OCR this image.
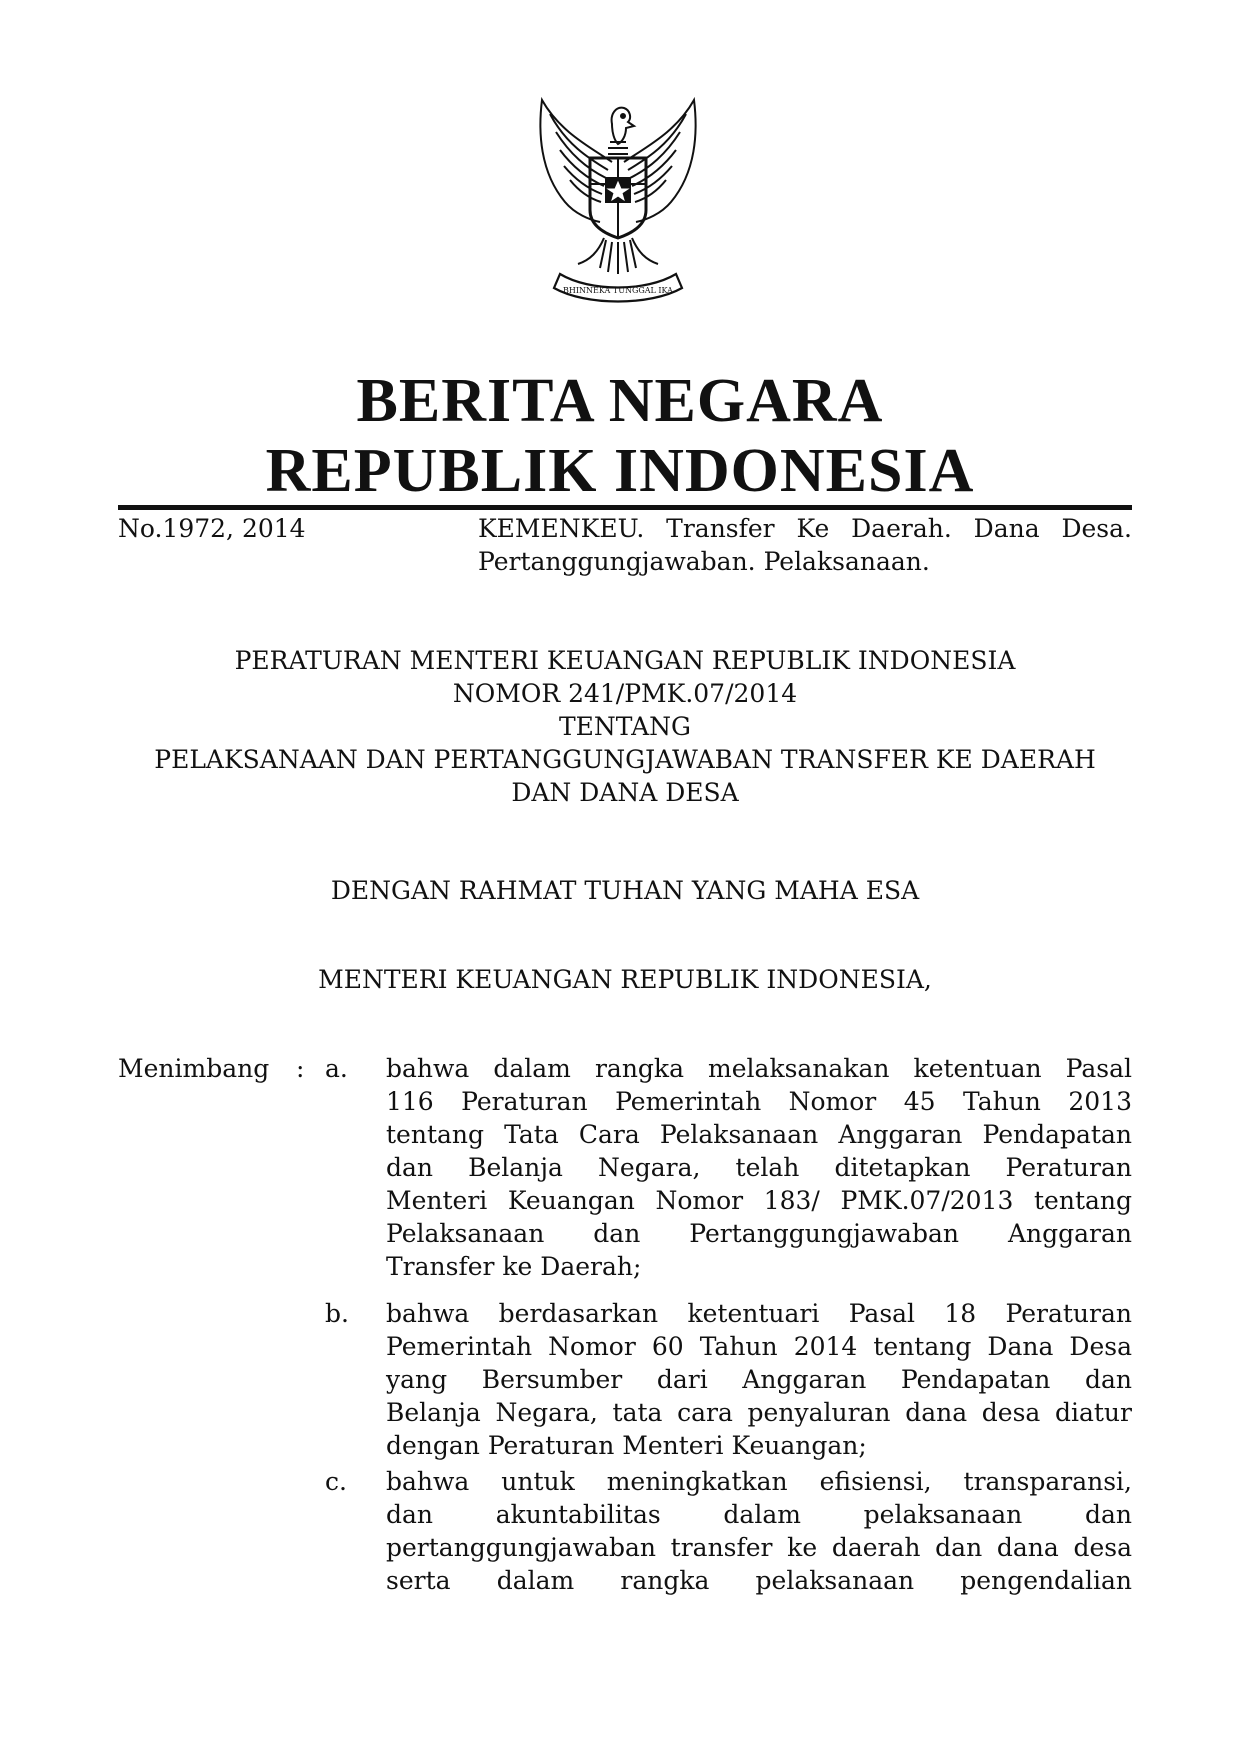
BHINNEKA TUNGGAL IKA
BERITA NEGARA
REPUBLIK INDONESIA
No.1972, 2014	KEMENKEU. Transfer Ke Daerah. Dana Desa.
Pertanggungjawaban. Pelaksanaan.
PERATURAN MENTERI KEUANGAN REPUBLIK INDONESIA
NOMOR 241/PMK.07/2014
TENTANG
PELAKSANAAN DAN PERTANGGUNGJAWABAN TRANSFER KE DAERAH
DAN DANA DESA
DENGAN RAHMAT TUHAN YANG MAHA ESA
MENTERI KEUANGAN REPUBLIK INDONESIA,
Menimbang : a. bahwa dalam rangka melaksanakan ketentuan Pasal
116 Peraturan Pemerintah Nomor 45 Tahun 2013
tentang Tata Cara Pelaksanaan Anggaran Pendapatan
dan Belanja Negara, telah ditetapkan Peraturan
Menteri Keuangan Nomor 183/ PMK.07/2013 tentang
Pelaksanaan dan Pertanggungjawaban Anggaran
Transfer ke Daerah;
b. bahwa berdasarkan ketentuari Pasal 18 Peraturan
Pemerintah Nomor 60 Tahun 2014 tentang Dana Desa
yang Bersumber dari Anggaran Pendapatan dan
Belanja Negara, tata cara penyaluran dana desa diatur
dengan Peraturan Menteri Keuangan;
c. bahwa untuk meningkatkan efisiensi, transparansi,
dan akuntabilitas dalam pelaksanaan dan
pertanggungjawaban transfer ke daerah dan dana desa
serta dalam rangka pelaksanaan pengendalian
